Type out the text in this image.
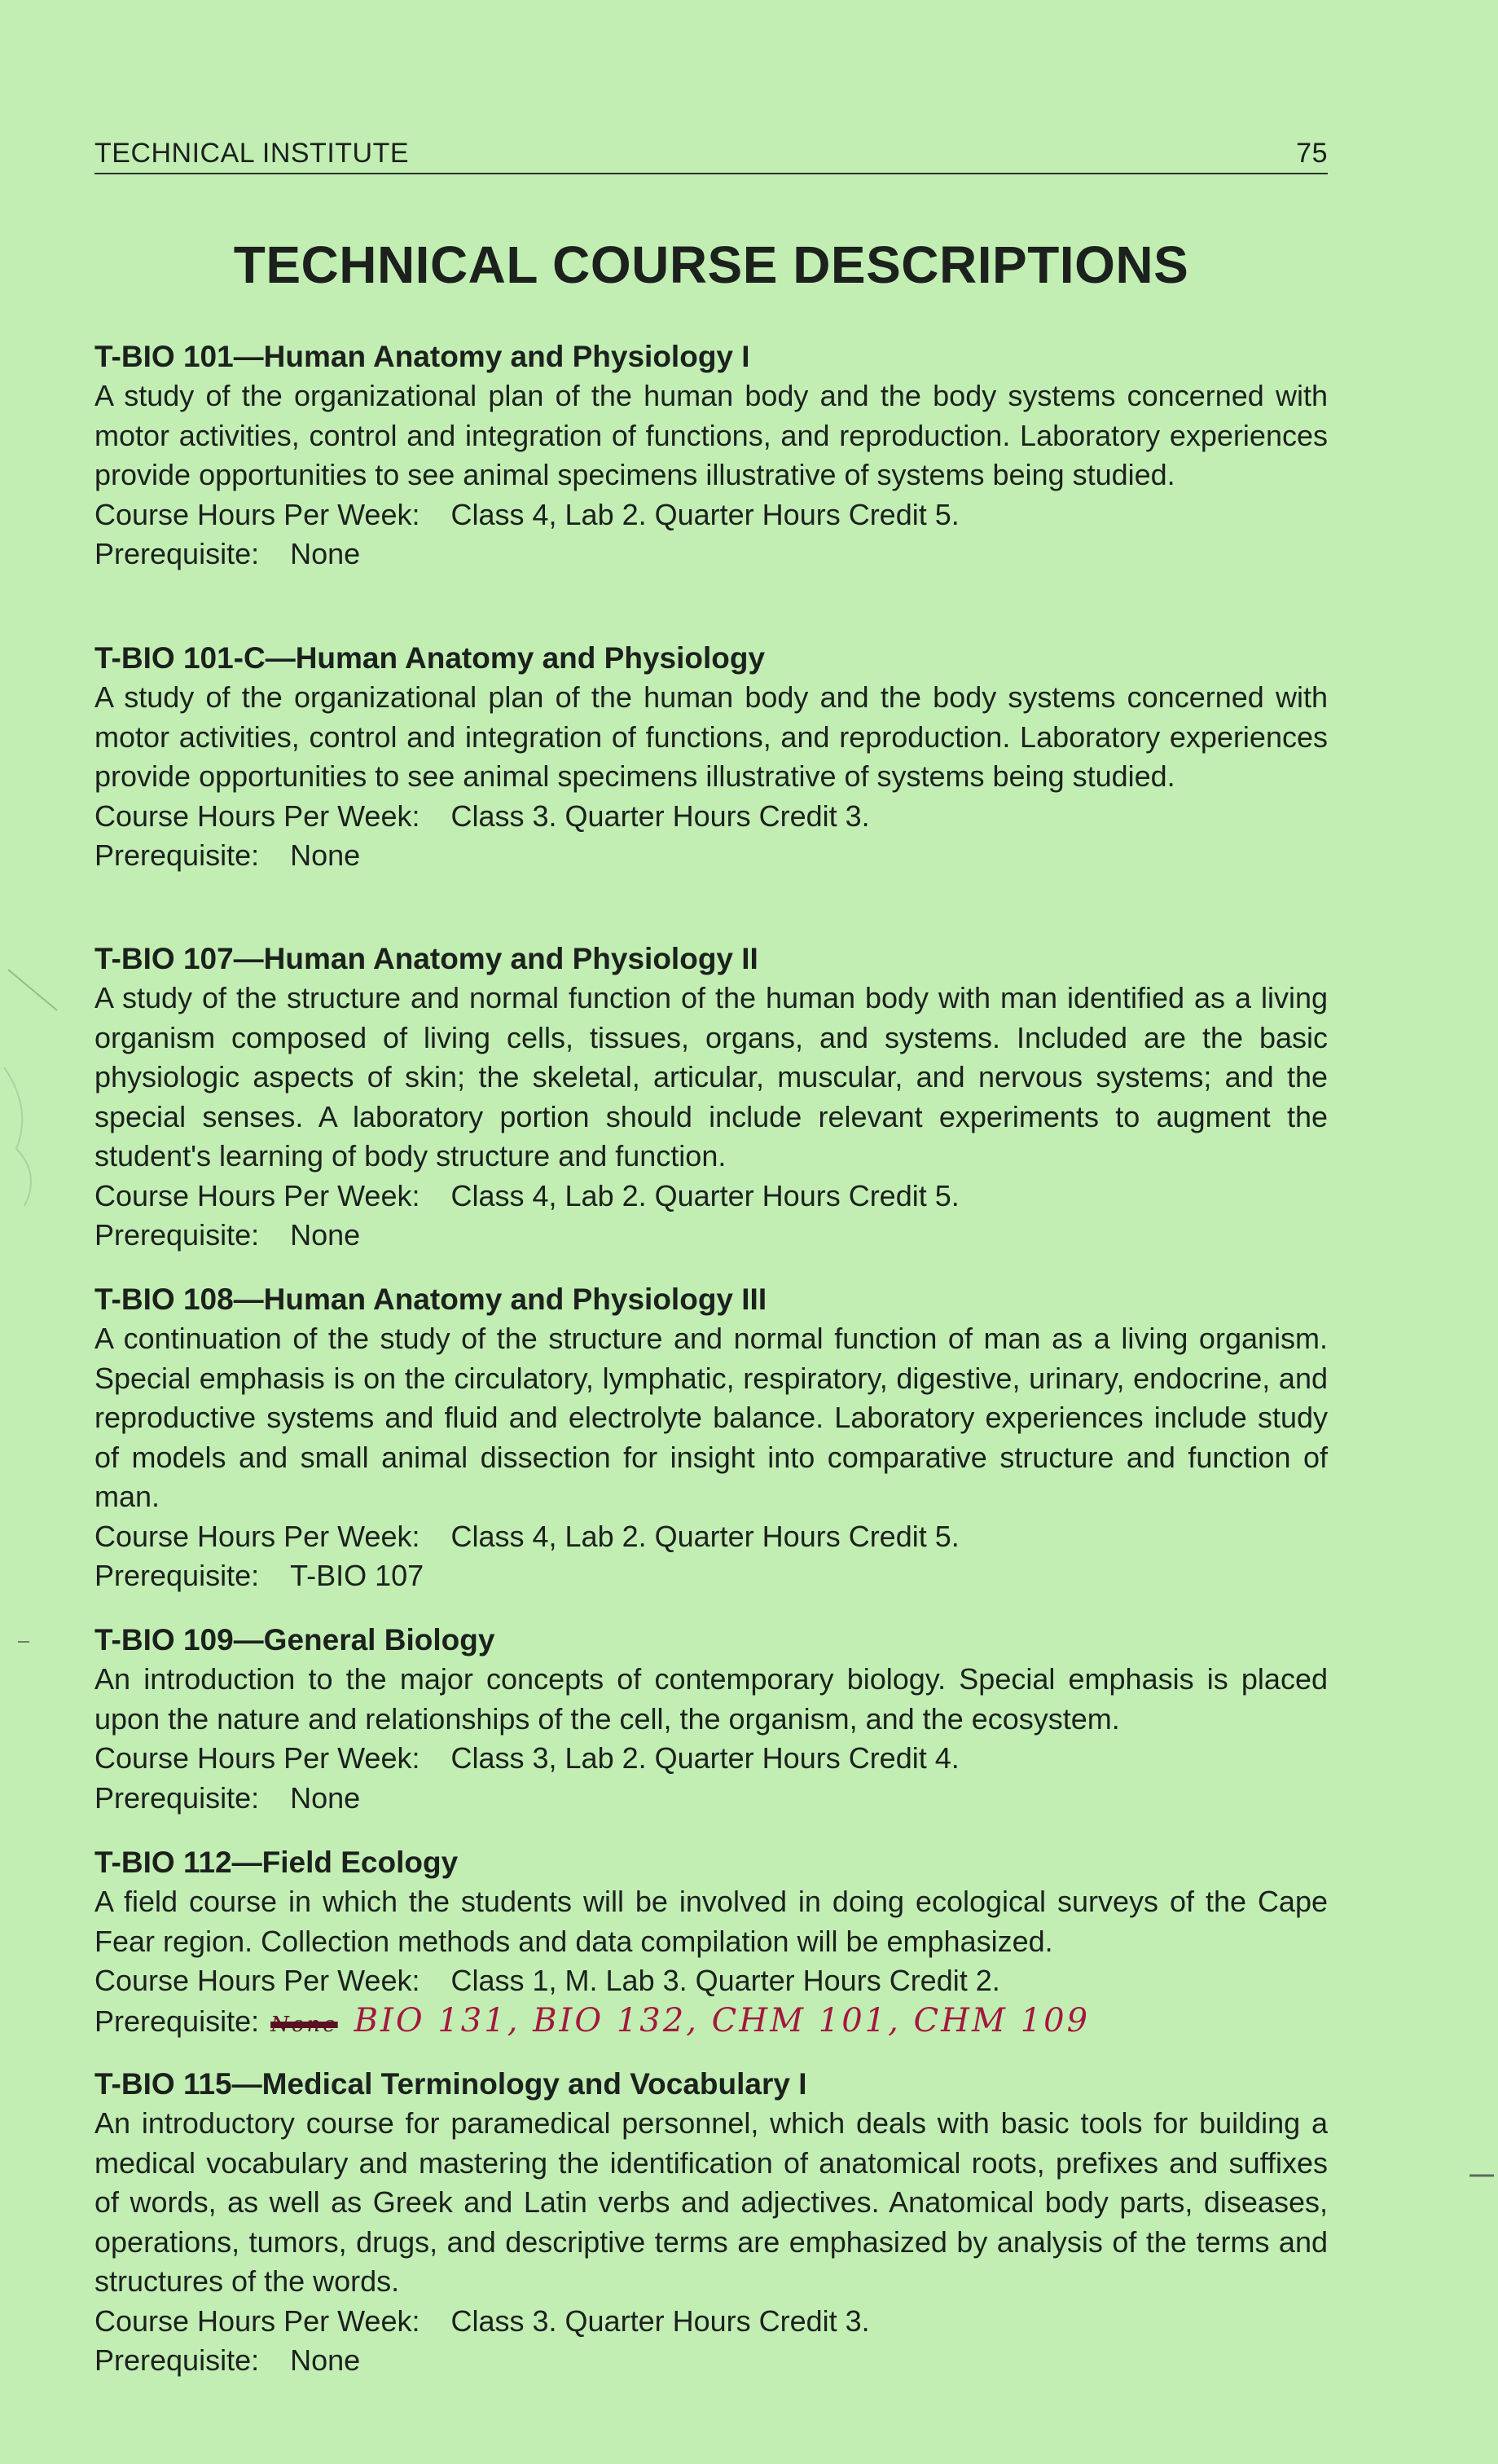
TECHNICAL INSTITUTE	75
TECHNICAL COURSE DESCRIPTIONS
T-BIO 101—Human Anatomy and Physiology I
A study of the organizational plan of the human body and the body systems concerned with motor activities, control and integration of functions, and reproduction. Laboratory experiences provide opportunities to see animal specimens illustrative of systems being studied.
Course Hours Per Week: Class 4, Lab 2. Quarter Hours Credit 5.
Prerequisite: None
T-BIO 101-C—Human Anatomy and Physiology
A study of the organizational plan of the human body and the body systems concerned with motor activities, control and integration of functions, and reproduction. Laboratory experiences provide opportunities to see animal specimens illustrative of systems being studied.
Course Hours Per Week: Class 3. Quarter Hours Credit 3.
Prerequisite: None
T-BIO 107—Human Anatomy and Physiology II
A study of the structure and normal function of the human body with man identified as a living organism composed of living cells, tissues, organs, and systems. Included are the basic physiologic aspects of skin; the skeletal, articular, muscular, and nervous systems; and the special senses. A laboratory portion should include relevant experiments to augment the student's learning of body structure and function.
Course Hours Per Week: Class 4, Lab 2. Quarter Hours Credit 5.
Prerequisite: None
T-BIO 108—Human Anatomy and Physiology III
A continuation of the study of the structure and normal function of man as a living organism. Special emphasis is on the circulatory, lymphatic, respiratory, digestive, urinary, endocrine, and reproductive systems and fluid and electrolyte balance. Laboratory experiences include study of models and small animal dissection for insight into comparative structure and function of man.
Course Hours Per Week: Class 4, Lab 2. Quarter Hours Credit 5.
Prerequisite: T-BIO 107
T-BIO 109—General Biology
An introduction to the major concepts of contemporary biology. Special emphasis is placed upon the nature and relationships of the cell, the organism, and the ecosystem.
Course Hours Per Week: Class 3, Lab 2. Quarter Hours Credit 4.
Prerequisite: None
T-BIO 112—Field Ecology
A field course in which the students will be involved in doing ecological surveys of the Cape Fear region. Collection methods and data compilation will be emphasized.
Course Hours Per Week: Class 1, M. Lab 3. Quarter Hours Credit 2.
Prerequisite: None BIO 131, BIO 132, CHM 101, CHM 109
T-BIO 115—Medical Terminology and Vocabulary I
An introductory course for paramedical personnel, which deals with basic tools for building a medical vocabulary and mastering the identification of anatomical roots, prefixes and suffixes of words, as well as Greek and Latin verbs and adjectives. Anatomical body parts, diseases, operations, tumors, drugs, and descriptive terms are emphasized by analysis of the terms and structures of the words.
Course Hours Per Week: Class 3. Quarter Hours Credit 3.
Prerequisite: None
